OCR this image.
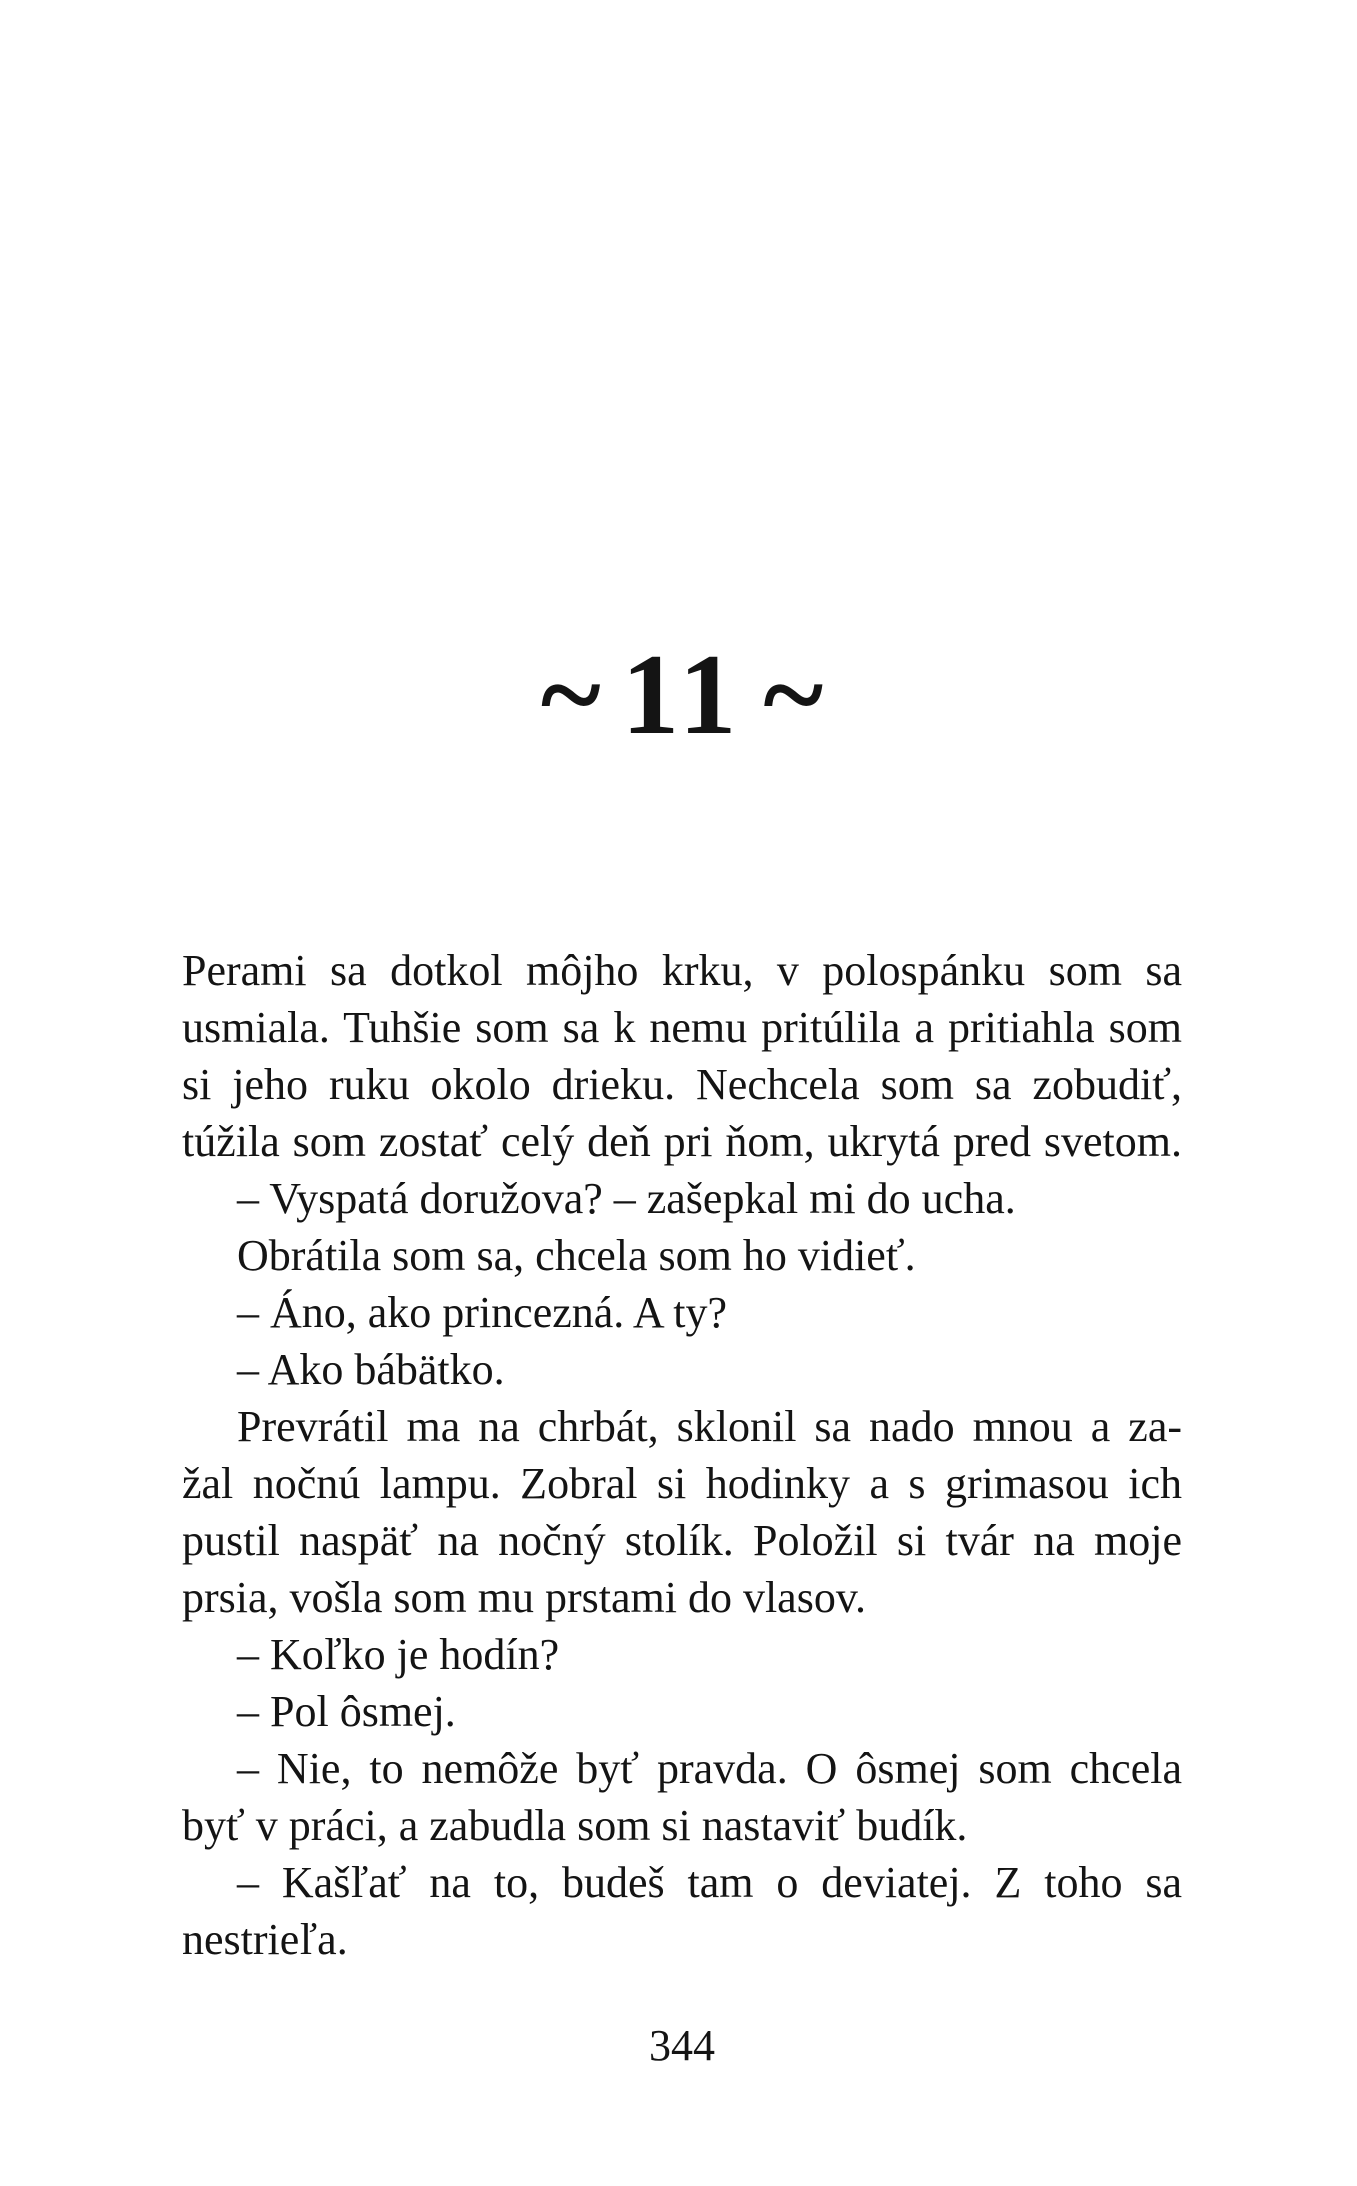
~ 11 ~
Perami sa dotkol môjho krku, v polospánku som sa
usmiala. Tuhšie som sa k nemu pritúlila a pritiahla som
si jeho ruku okolo drieku. Nechcela som sa zobudiť,
túžila som zostať celý deň pri ňom, ukrytá pred svetom.
– Vyspatá doružova? – zašepkal mi do ucha.
Obrátila som sa, chcela som ho vidieť.
– Áno, ako princezná. A ty?
– Ako bábätko.
Prevrátil ma na chrbát, sklonil sa nado mnou a za-
žal nočnú lampu. Zobral si hodinky a s grimasou ich
pustil naspäť na nočný stolík. Položil si tvár na moje
prsia, vošla som mu prstami do vlasov.
– Koľko je hodín?
– Pol ôsmej.
– Nie, to nemôže byť pravda. O ôsmej som chcela
byť v práci, a zabudla som si nastaviť budík.
– Kašľať na to, budeš tam o deviatej. Z toho sa
nestrieľa.
344
